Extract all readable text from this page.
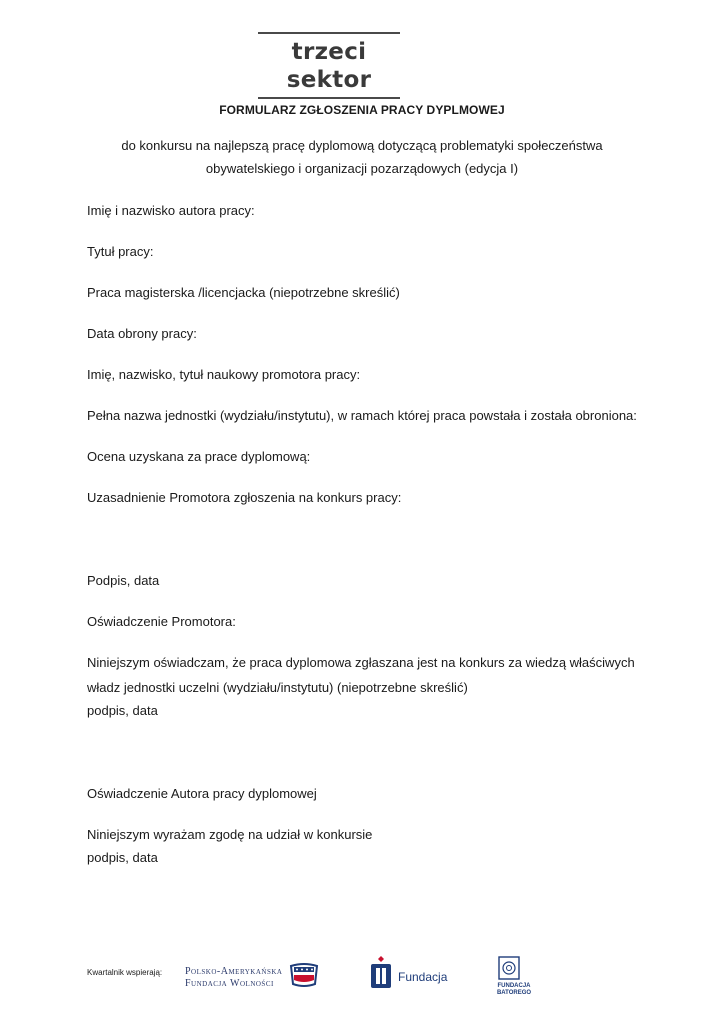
trzeci sektor
FORMULARZ ZGŁOSZENIA PRACY DYPLMOWEJ
do konkursu na najlepszą pracę dyplomową dotyczącą problematyki społeczeństwa
obywatelskiego i organizacji pozarządowych (edycja I)
Imię i nazwisko autora pracy:
Tytuł pracy:
Praca magisterska /licencjacka (niepotrzebne skreślić)
Data obrony pracy:
Imię, nazwisko, tytuł naukowy promotora pracy:
Pełna nazwa jednostki (wydziału/instytutu), w ramach której praca powstała i została obroniona:
Ocena uzyskana za prace dyplomową:
Uzasadnienie Promotora zgłoszenia na konkurs pracy:
Podpis, data
Oświadczenie Promotora:
Niniejszym oświadczam, że praca dyplomowa zgłaszana jest na konkurs za wiedzą właściwych
władz jednostki uczelni (wydziału/instytutu) (niepotrzebne skreślić)
podpis, data
Oświadczenie Autora pracy dyplomowej
Niniejszym wyrażam zgodę na udział w konkursie
podpis, data
Kwartalnik wspierają: Polsko-Amerykańska
Fundacja Wolności	Fundacja
FUNDACJA
BATOREGO
